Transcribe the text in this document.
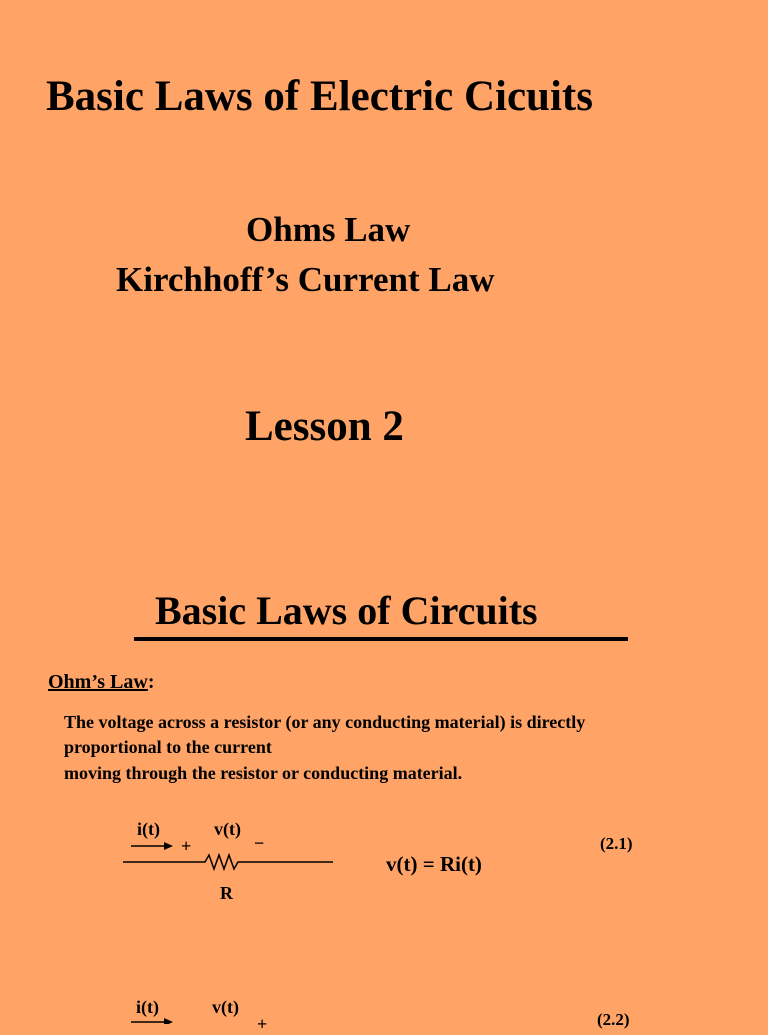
Basic Laws of Electric Cicuits
Ohms Law
Kirchhoff’s Current Law
Lesson 2
Basic Laws of Circuits
Ohm’s Law:
The voltage across a resistor (or any conducting material) is directly
proportional to the current
moving through the resistor or conducting material.
i(t)	v(t)
+	−
R
v(t) = Ri(t)
(2.1)
i(t)	v(t)
+	(2.2)
